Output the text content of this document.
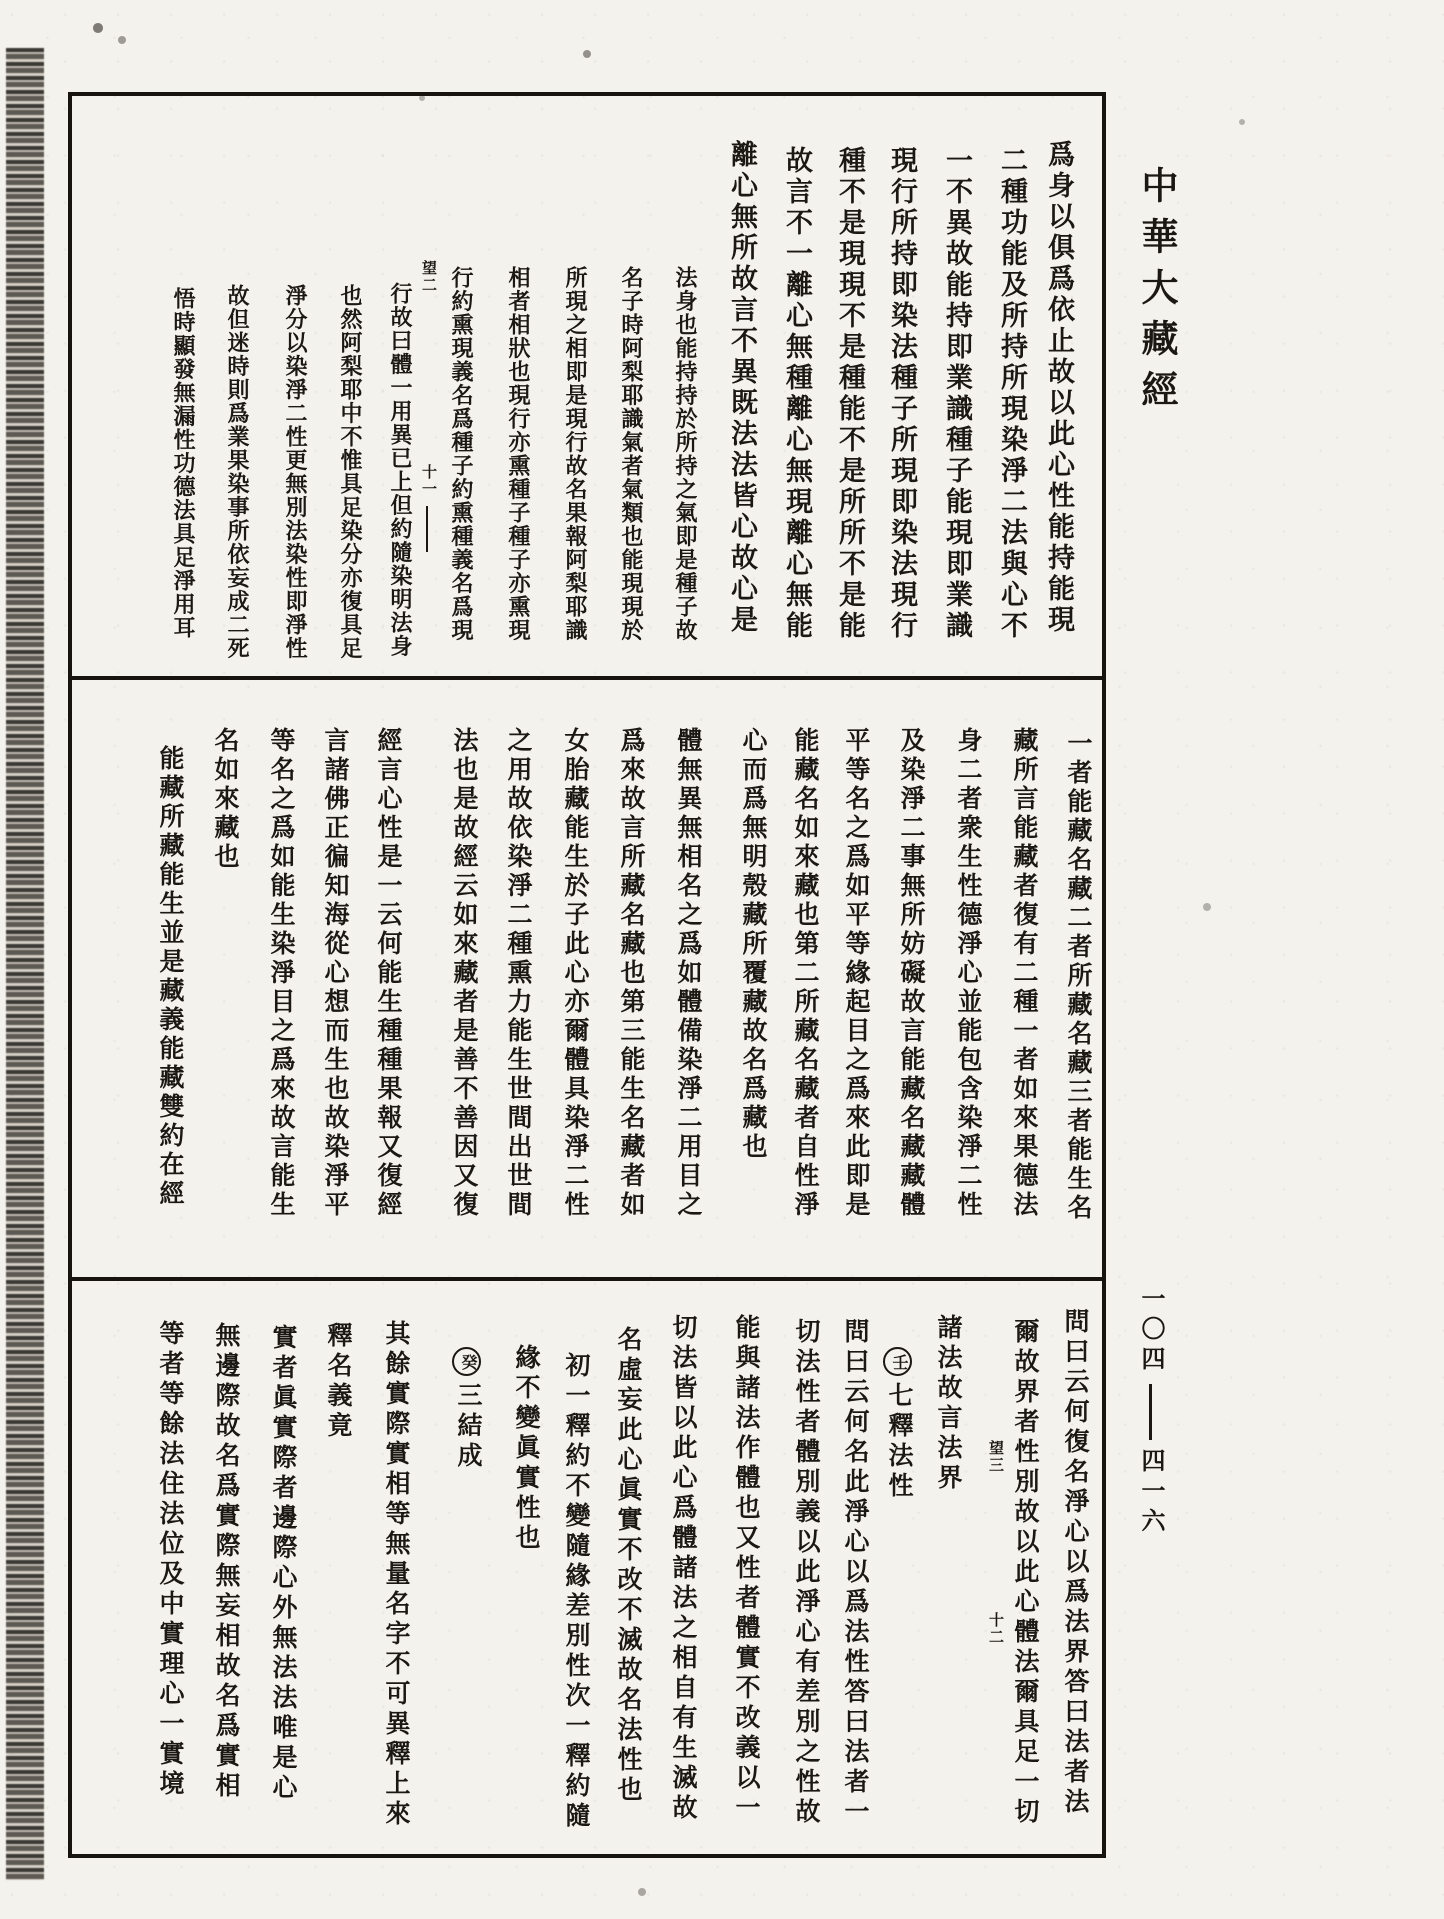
爲身以俱爲依止故以此心性能持能現
二種功能及所持所現染淨二法與心不
一不異故能持即業識種子能現即業識
現行所持即染法種子所現即染法現行
種不是現現不是種能不是所所不是能
故言不一離心無種離心無現離心無能
離心無所故言不異既法法皆心故心是
法身也能持持於所持之氣即是種子故
名子時阿梨耶識氣者氣類也能現現於
所現之相即是現行故名果報阿梨耶識
相者相狀也現行亦熏種子種子亦熏現
行約熏現義名爲種子約熏種義名爲現
望二
十一
行故曰體一用異已上但約隨染明法身
也然阿梨耶中不惟具足染分亦復具足
淨分以染淨二性更無別法染性即淨性
故但迷時則爲業果染事所依妄成二死
悟時顯發無漏性功德法具足淨用耳
一者能藏名藏二者所藏名藏三者能生名
藏所言能藏者復有二種一者如來果德法
身二者衆生性德淨心並能包含染淨二性
及染淨二事無所妨礙故言能藏名藏藏體
平等名之爲如平等緣起目之爲來此即是
能藏名如來藏也第二所藏名藏者自性淨
心而爲無明殼藏所覆藏故名爲藏也
體無異無相名之爲如體備染淨二用目之
爲來故言所藏名藏也第三能生名藏者如
女胎藏能生於子此心亦爾體具染淨二性
之用故依染淨二種熏力能生世間出世間
法也是故經云如來藏者是善不善因又復
經言心性是一云何能生種種果報又復經
言諸佛正徧知海從心想而生也故染淨平
等名之爲如能生染淨目之爲來故言能生
名如來藏也
能藏所藏能生並是藏義能藏雙約在經
問曰云何復名淨心以爲法界答曰法者法
爾故界者性別故以此心體法爾具足一切
望三
十二
諸法故言法界
壬七釋法性
問曰云何名此淨心以爲法性答曰法者一
切法性者體別義以此淨心有差別之性故
能與諸法作體也又性者體實不改義以一
切法皆以此心爲體諸法之相自有生滅故
名虛妄此心眞實不改不滅故名法性也
初一釋約不變隨緣差別性次一釋約隨
緣不變眞實性也
癸三結成
其餘實際實相等無量名字不可異釋上來
釋名義竟
實者眞實際者邊際心外無法法唯是心
無邊際故名爲實際無妄相故名爲實相
等者等餘法住法位及中實理心一實境
中華大藏經
一〇四四一六
